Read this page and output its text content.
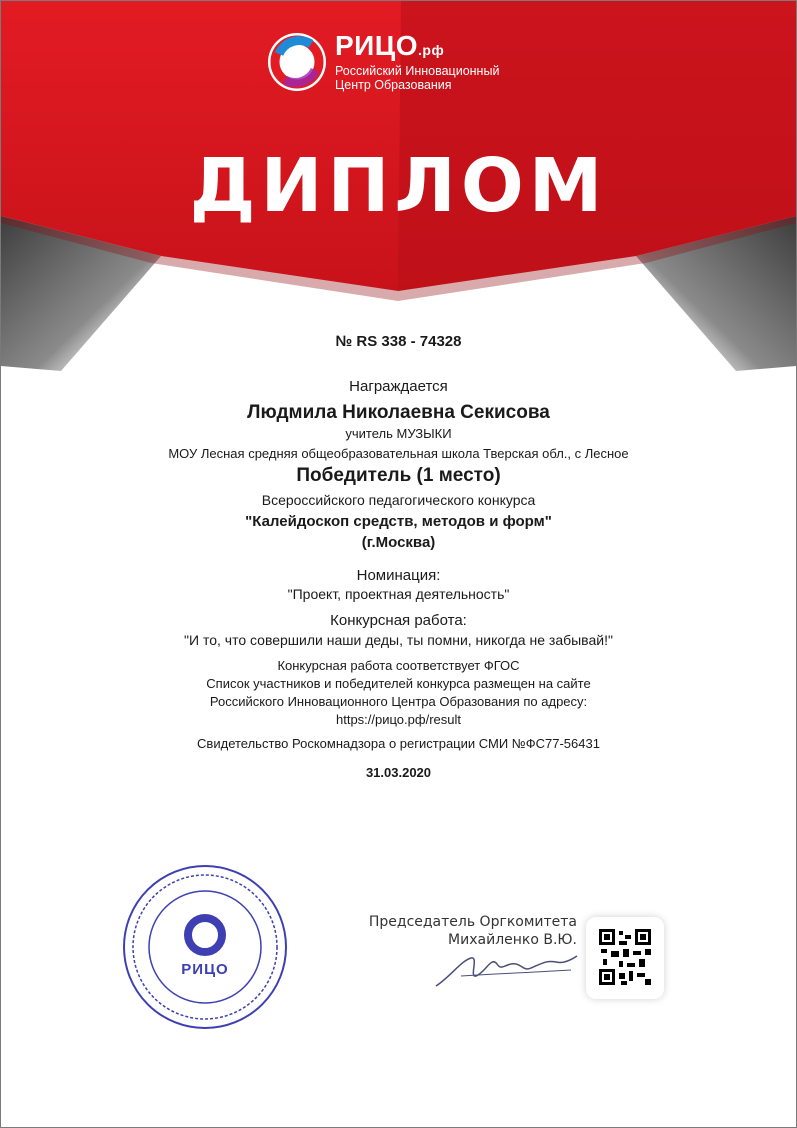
РИЦО.рф
Российский Инновационный
Центр Образования
ДИПЛОМ
№ RS 338 - 74328
Награждается
Людмила Николаевна Секисова
учитель МУЗЫКИ
МОУ Лесная средняя общеобразовательная школа Тверская обл., с Лесное
Победитель (1 место)
Всероссийского педагогического конкурса
"Калейдоскоп средств, методов и форм"
(г.Москва)
Номинация:
"Проект, проектная деятельность"
Конкурсная работа:
"И то, что совершили наши деды, ты помни, никогда не забывай!"
Конкурсная работа соответствует ФГОС
Список участников и победителей конкурса размещен на сайте
Российского Инновационного Центра Образования по адресу:
https://рицо.рф/result
Свидетельство Роскомнадзора о регистрации СМИ №ФС77-56431
31.03.2020
РИЦО
Председатель Оргкомитета
Михайленко В.Ю.
